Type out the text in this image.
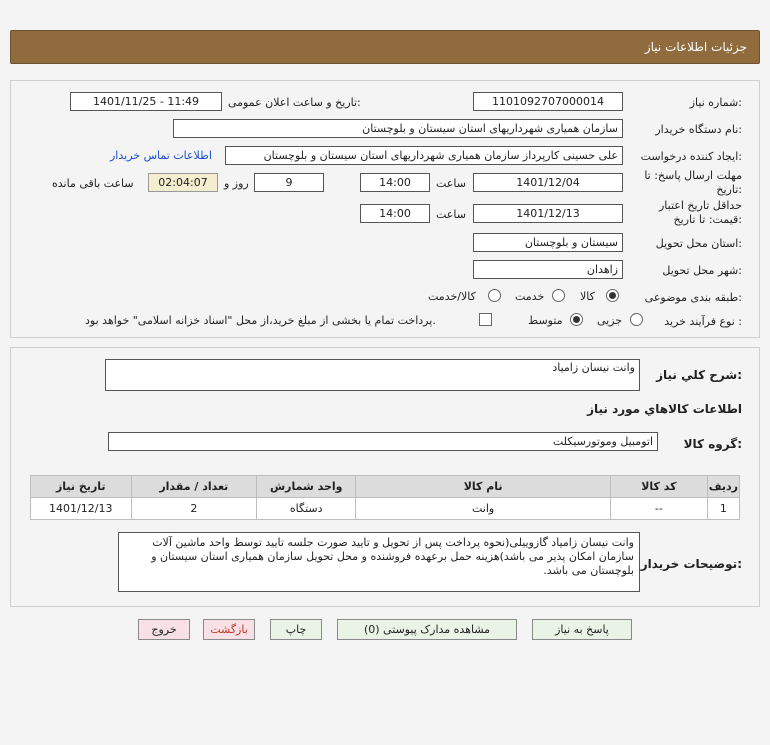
جزئیات اطلاعات نیاز
شماره نیاز:
1101092707000014
تاریخ و ساعت اعلان عمومی:
1401/11/25 - 11:49
نام دستگاه خریدار:
سازمان همیاری شهرداریهای استان سیستان و بلوچستان
ایجاد کننده درخواست:
علی حسینی کارپرداز سازمان همیاری شهرداریهای استان سیستان و بلوچستان
اطلاعات تماس خریدار
مهلت ارسال پاسخ: تا تاریخ:
1401/12/04
ساعت
14:00
9
روز و
02:04:07
ساعت باقی مانده
حداقل تاریخ اعتبار قیمت: تا تاریخ:
1401/12/13
ساعت
14:00
استان محل تحویل:
سیستان و بلوچستان
شهر محل تحویل:
زاهدان
طبقه بندی موضوعی:
کالا
خدمت
کالا/خدمت
نوع فرآیند خرید :
جزیی
متوسط
پرداخت تمام یا بخشی از مبلغ خرید،از محل "اسناد خزانه اسلامی" خواهد بود.
شرح کلي نياز:
وانت نیسان زامیاد
اطلاعات کالاهاي مورد نياز
گروه کالا:
اتومبیل وموتورسیکلت
ردیف	کد کالا	نام کالا	واحد شمارش	تعداد / مقدار	تاریخ نیاز
1	--	وانت	دستگاه	2	1401/12/13
توضیحات خریدار:
وانت نیسان زامیاد گازوییلی(نحوه پرداخت پس از تحویل و تایید صورت جلسه تایید توسط واحد ماشین آلات سازمان امکان پذیر می باشد)هزینه حمل برعهده فروشنده و محل تحویل سازمان همیاری استان سیستان و بلوچستان می باشد.
پاسخ به نیاز
مشاهده مدارک پیوستی (0)
چاپ
بازگشت
خروج
